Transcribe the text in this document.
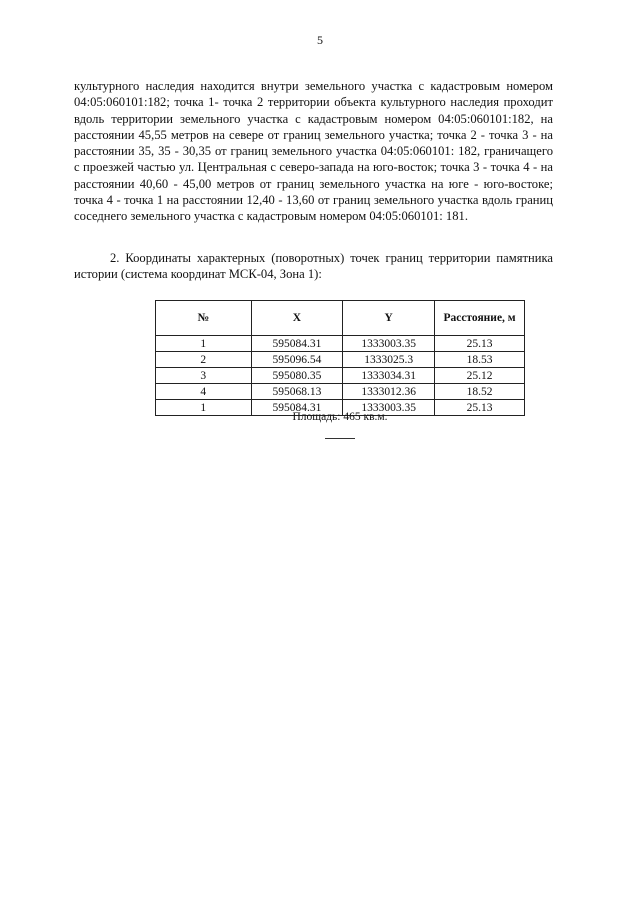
5

культурного наследия находится внутри земельного участка с кадастровым номером 04:05:060101:182; точка 1- точка 2 территории объекта культурного наследия проходит вдоль территории земельного участка с кадастровым номером 04:05:060101:182, на расстоянии 45,55 метров на севере от границ земельного участка; точка 2 - точка 3 - на расстоянии 35, 35 - 30,35 от границ земельного участка 04:05:060101: 182, граничащего с проезжей частью ул. Центральная с северо-запада на юго-восток; точка 3 - точка 4 - на расстоянии 40,60 - 45,00 метров от границ земельного участка на юге - юго-востоке; точка 4 - точка 1 на расстоянии 12,40 - 13,60 от границ земельного участка вдоль границ соседнего земельного участка с кадастровым номером 04:05:060101: 181.

2. Координаты характерных (поворотных) точек границ территории памятника истории (система координат МСК-04, Зона 1):

№	X	Y	Расстояние, м
1	595084.31	1333003.35	25.13
2	595096.54	1333025.3	18.53
3	595080.35	1333034.31	25.12
4	595068.13	1333012.36	18.52
1	595084.31	1333003.35	25.13
Площадь: 465 кв.м.
